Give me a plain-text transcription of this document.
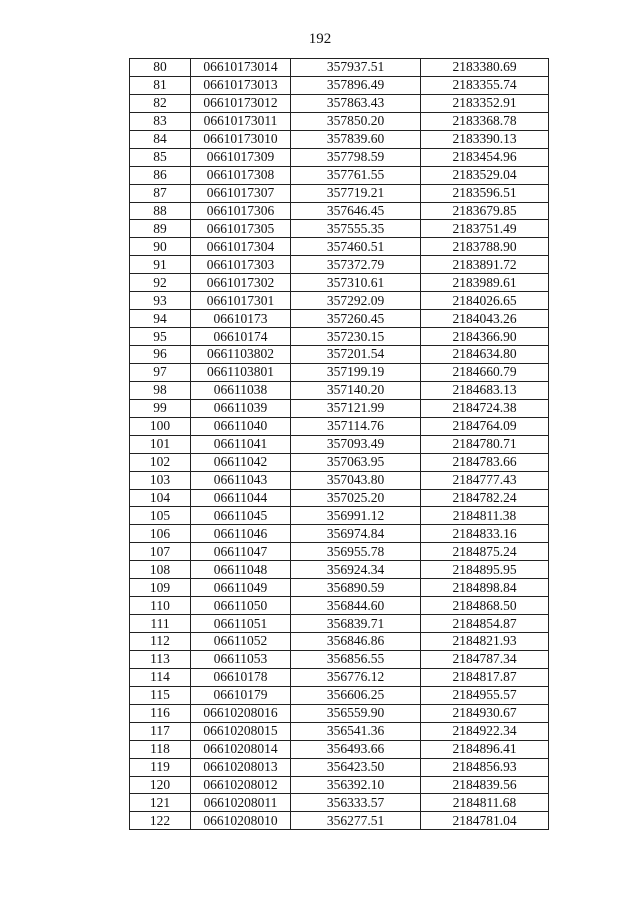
192
80	06610173014	357937.51	2183380.69
81	06610173013	357896.49	2183355.74
82	06610173012	357863.43	2183352.91
83	06610173011	357850.20	2183368.78
84	06610173010	357839.60	2183390.13
85	0661017309	357798.59	2183454.96
86	0661017308	357761.55	2183529.04
87	0661017307	357719.21	2183596.51
88	0661017306	357646.45	2183679.85
89	0661017305	357555.35	2183751.49
90	0661017304	357460.51	2183788.90
91	0661017303	357372.79	2183891.72
92	0661017302	357310.61	2183989.61
93	0661017301	357292.09	2184026.65
94	06610173	357260.45	2184043.26
95	06610174	357230.15	2184366.90
96	0661103802	357201.54	2184634.80
97	0661103801	357199.19	2184660.79
98	06611038	357140.20	2184683.13
99	06611039	357121.99	2184724.38
100	06611040	357114.76	2184764.09
101	06611041	357093.49	2184780.71
102	06611042	357063.95	2184783.66
103	06611043	357043.80	2184777.43
104	06611044	357025.20	2184782.24
105	06611045	356991.12	2184811.38
106	06611046	356974.84	2184833.16
107	06611047	356955.78	2184875.24
108	06611048	356924.34	2184895.95
109	06611049	356890.59	2184898.84
110	06611050	356844.60	2184868.50
111	06611051	356839.71	2184854.87
112	06611052	356846.86	2184821.93
113	06611053	356856.55	2184787.34
114	06610178	356776.12	2184817.87
115	06610179	356606.25	2184955.57
116	06610208016	356559.90	2184930.67
117	06610208015	356541.36	2184922.34
118	06610208014	356493.66	2184896.41
119	06610208013	356423.50	2184856.93
120	06610208012	356392.10	2184839.56
121	06610208011	356333.57	2184811.68
122	06610208010	356277.51	2184781.04
